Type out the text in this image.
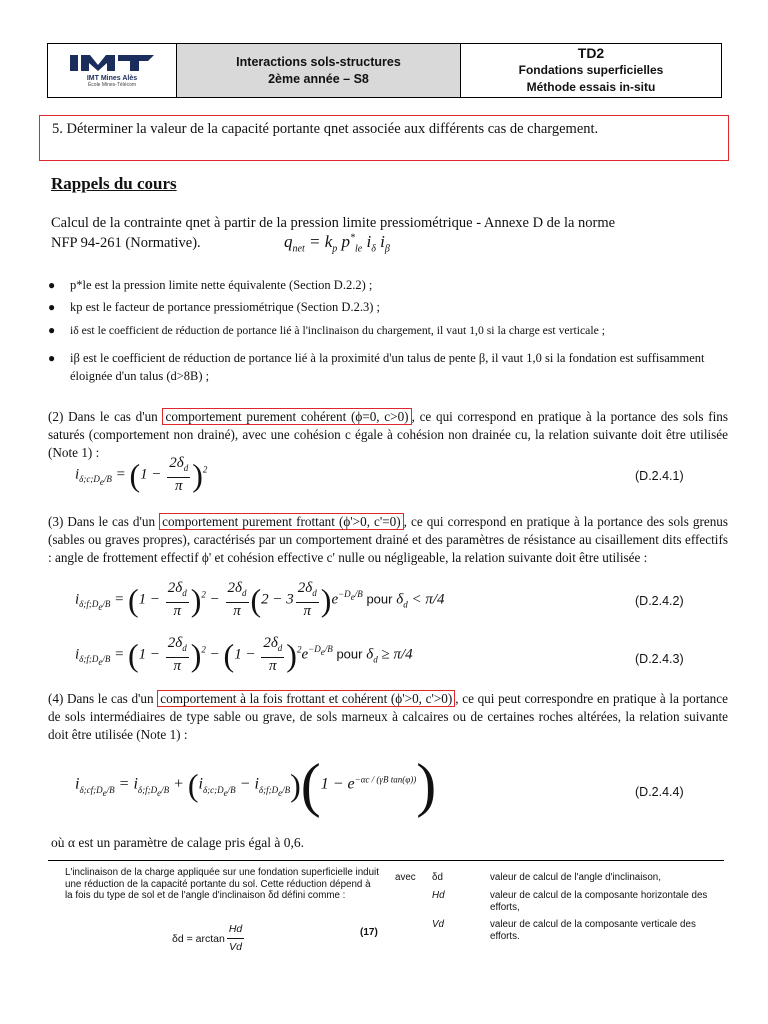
IMT Mines Alès
École Mines-Télécom
Interactions sols-structures
2ème année – S8
TD2
Fondations superficielles
Méthode essais in-situ
5. Déterminer la valeur de la capacité portante qnet associée aux différents cas de chargement.
Rappels du cours
Calcul de la contrainte qnet à partir de la pression limite pressiométrique - Annexe D de la norme NFP 94-261 (Normative).	$q_{net} = k_p$ $p^*_{le}$ $i_\delta$ $i_\beta$
● p*le est la pression limite nette équivalente (Section D.2.2) ;
● kp est le facteur de portance pressiométrique (Section D.2.3) ;
● iδ est le coefficient de réduction de portance lié à l'inclinaison du chargement, il vaut 1,0 si la charge est verticale ;
● iβ est le coefficient de réduction de portance lié à la proximité d'un talus de pente β, il vaut 1,0 si la fondation est suffisamment éloignée d'un talus (d>8B) ;
(2) Dans le cas d'un comportement purement cohérent (ϕ=0, c>0) , ce qui correspond en pratique à la portance des sols fins saturés (comportement non drainé), avec une cohésion c égale à cohésion non drainée cu, la relation suivante doit être utilisée (Note 1) :
$i_{\delta;c;D_e/B} = (1 - \frac{2\delta_d}{\pi} )^2$	(D.2.4.1)
(3) Dans le cas d'un comportement purement frottant (ϕ'>0, c'=0) , ce qui correspond en pratique à la portance des sols grenus (sables ou graves propres), caractérisés par un comportement drainé et des paramètres de résistance au cisaillement dits effectifs : angle de frottement effectif ϕ' et cohésion effective c' nulle ou négligeable, la relation suivante doit être utilisée :
$i_{\delta;f;D_e/B} = (1 - \frac{2\delta_d}{\pi} )^2 - \frac{2\delta_d}{\pi} (2 - 3 \frac{2\delta_d}{\pi} )e^{-D_e/B}$ pour $\delta_d < \pi/4$	(D.2.4.2)
$i_{\delta;f;D_e/B} = (1 - \frac{2\delta_d}{\pi} )^2 - (1 - \frac{2\delta_d}{\pi} )^2e^{-D_e/B}$ pour $\delta_d \ge \pi/4$	(D.2.4.3)
(4) Dans le cas d'un comportement à la fois frottant et cohérent (ϕ'>0, c'>0) , ce qui peut correspondre en pratique à la portance de sols intermédiaires de type sable ou grave, de sols marneux à calcaires ou de certaines roches altérées, la relation suivante doit être utilisée (Note 1) :
$i_{\delta;cf;D_e/B} = i_{\delta;f;D_e/B} + (i_{\delta;c;D_e/B} - i_{\delta;f;D_e/B})(1 - e^{-\alpha c / (\gamma B tan(\varphi))})$	(D.2.4.4)
où α est un paramètre de calage pris égal à 0,6.
L'inclinaison de la charge appliquée sur une fondation superficielle induit une réduction de la capacité portante du sol. Cette réduction dépend à la fois du type de sol et de l'angle d'inclinaison δd défini comme :
$\delta d = \arctan \frac{Hd}{Vd}$	(17)
avec δd	valeur de calcul de l'angle d'inclinaison,
Hd	valeur de calcul de la composante horizontale des efforts,
Vd	valeur de calcul de la composante verticale des efforts.
